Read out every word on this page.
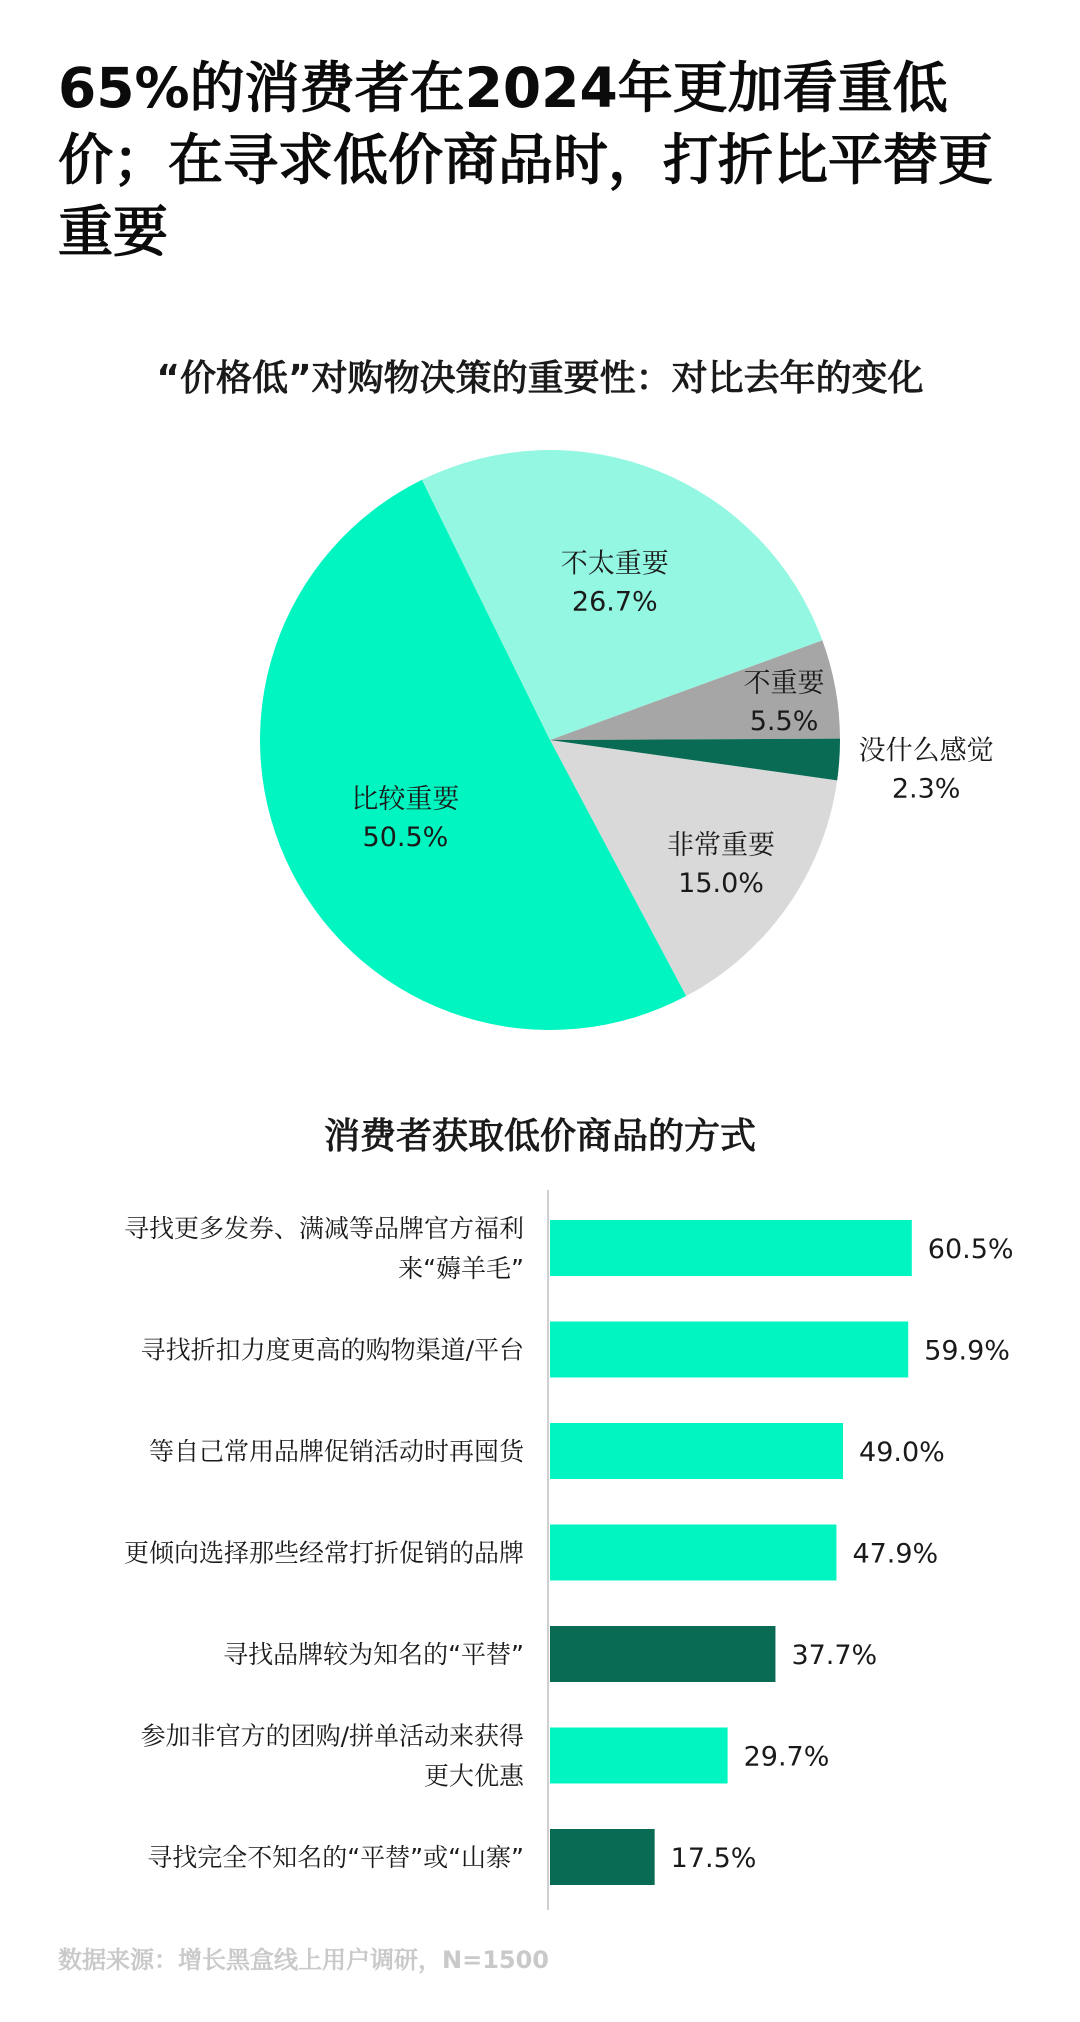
65%的消费者在2024年更加看重低价；在寻求低价商品时，打折比平替更重要
“价格低”对购物决策的重要性：对比去年的变化
非常重要
15.0%
比较重要
50.5%
不太重要
26.7%
不重要
5.5%
没什么感觉
2.3%
消费者获取低价商品的方式
60.5%
寻找更多发券、满减等品牌官方福利
来“薅羊毛”
59.9%
寻找折扣力度更高的购物渠道/平台
49.0%
等自己常用品牌促销活动时再囤货
47.9%
更倾向选择那些经常打折促销的品牌
37.7%
寻找品牌较为知名的“平替”
29.7%
参加非官方的团购/拼单活动来获得
更大优惠
17.5%
寻找完全不知名的“平替”或“山寨”

数据来源：增长黑盒线上用户调研，N=1500
